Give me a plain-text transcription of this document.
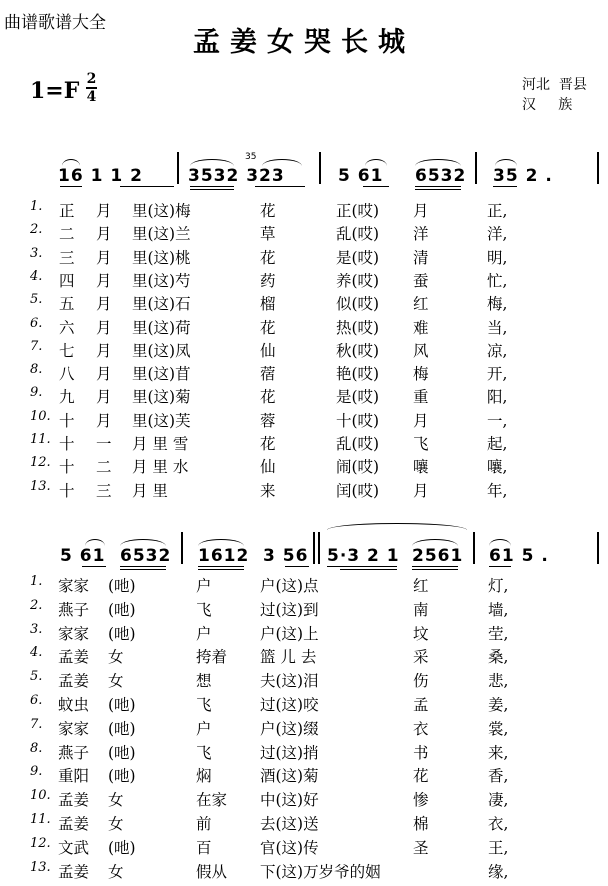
曲谱歌谱大全
孟姜女哭长城
1=F 2
4
河北  晋县
汉     族
16 1 1 2	3532 323
35
5 61 6532 35 2 .
1. 正 月 里(这)梅	花	正(哎) 月	正,
2. 二 月 里(这)兰	草	乱(哎) 洋	洋,
3. 三 月 里(这)桃	花	是(哎) 清	明,
4. 四 月 里(这)芍	药	养(哎) 蚕	忙,
5. 五 月 里(这)石	榴	似(哎) 红	梅,
6. 六 月 里(这)荷	花	热(哎) 难	当,
7. 七 月 里(这)凤	仙	秋(哎) 风	凉,
8. 八 月 里(这)苜	蓿	艳(哎) 梅	开,
9. 九 月 里(这)菊	花	是(哎) 重	阳,
10. 十 月 里(这)芙	蓉	十(哎) 月	一,
11. 十 一 月 里 雪	花	乱(哎) 飞	起,
12. 十 二 月 里 水	仙	闹(哎) 嚷	嚷,
13. 十 三 月 里	来	闰(哎) 月	年,
5 61 6532 1612 3 56 5·3 2 1 2561 61 5 .
1. 家家 (吔)	户	户(这)点	红	灯,
2. 燕子 (吔)	飞	过(这)到	南	墙,
3. 家家 (吔)	户	户(这)上	坟	茔,
4. 孟姜 女	挎着 篮 儿 去	采	桑,
5. 孟姜 女	想	夫(这)泪	伤	悲,
6. 蚊虫 (吔)	飞	过(这)咬	孟	姜,
7. 家家 (吔)	户	户(这)缀	衣	裳,
8. 燕子 (吔)	飞	过(这)捎	书	来,
9. 重阳 (吔)	焖	酒(这)菊	花	香,
10. 孟姜 女	在家 中(这)好	惨	凄,
11. 孟姜 女	前	去(这)送	棉	衣,
12. 文武 (吔)	百	官(这)传	圣	王,
13. 孟姜 女	假从 下(这)万岁爷的姻	缘,
